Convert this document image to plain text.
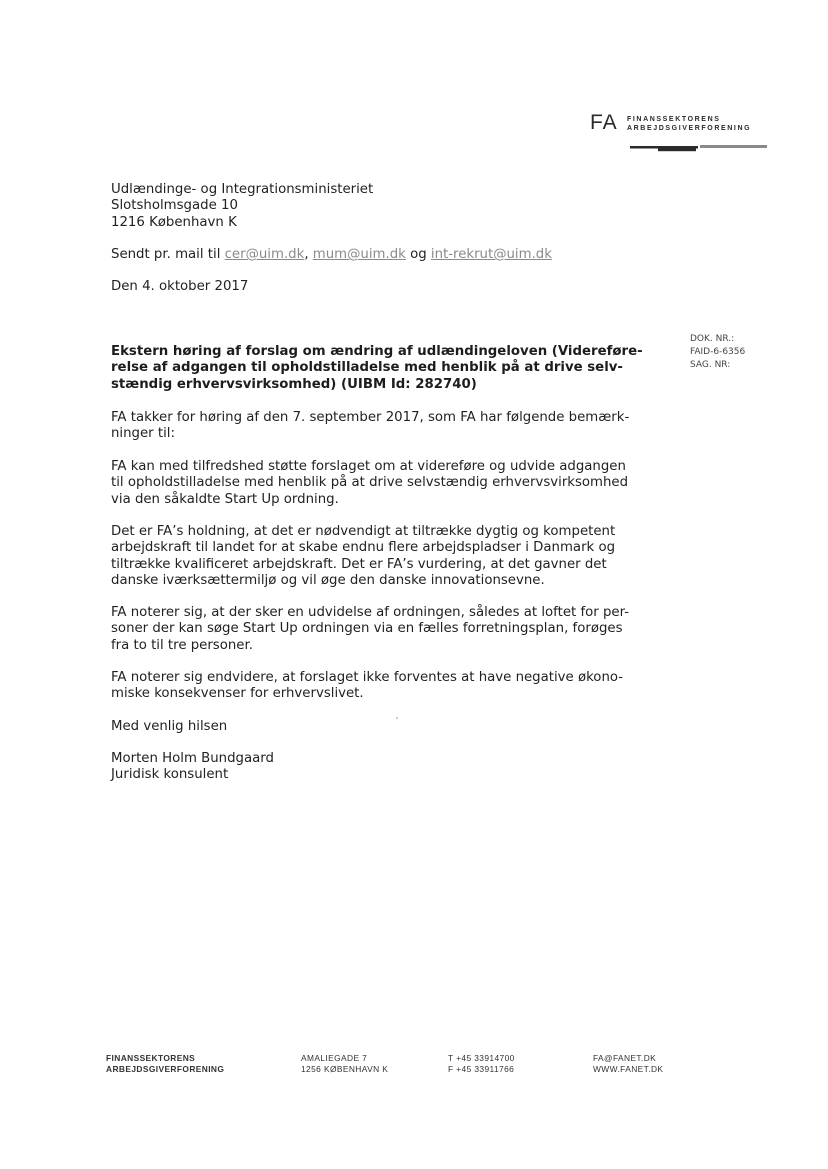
FA FINANSSEKTORENS
ARBEJDSGIVERFORENING
Udlændinge- og Integrationsministeriet
Slotsholmsgade 10
1216 København K
Sendt pr. mail til cer@uim.dk, mum@uim.dk og int-rekrut@uim.dk
Den 4. oktober 2017
DOK. NR.:
FAID-6-6356
SAG. NR:
Ekstern høring af forslag om ændring af udlændingeloven (Videreføre-
relse af adgangen til opholdstilladelse med henblik på at drive selv-
stændig erhvervsvirksomhed) (UIBM Id: 282740)
FA takker for høring af den 7. september 2017, som FA har følgende bemærk-
ninger til:
FA kan med tilfredshed støtte forslaget om at videreføre og udvide adgangen
til opholdstilladelse med henblik på at drive selvstændig erhvervsvirksomhed
via den såkaldte Start Up ordning.
Det er FA’s holdning, at det er nødvendigt at tiltrække dygtig og kompetent
arbejdskraft til landet for at skabe endnu flere arbejdspladser i Danmark og
tiltrække kvalificeret arbejdskraft. Det er FA’s vurdering, at det gavner det
danske iværksættermiljø og vil øge den danske innovationsevne.
FA noterer sig, at der sker en udvidelse af ordningen, således at loftet for per-
soner der kan søge Start Up ordningen via en fælles forretningsplan, forøges
fra to til tre personer.
FA noterer sig endvidere, at forslaget ikke forventes at have negative økono-
miske konsekvenser for erhvervslivet.
Med venlig hilsen
Morten Holm Bundgaard
Juridisk konsulent
FINANSSEKTORENS
ARBEJDSGIVERFORENING
AMALIEGADE 7
1256 KØBENHAVN K
T +45 33914700
F +45 33911766
FA@FANET.DK
WWW.FANET.DK
